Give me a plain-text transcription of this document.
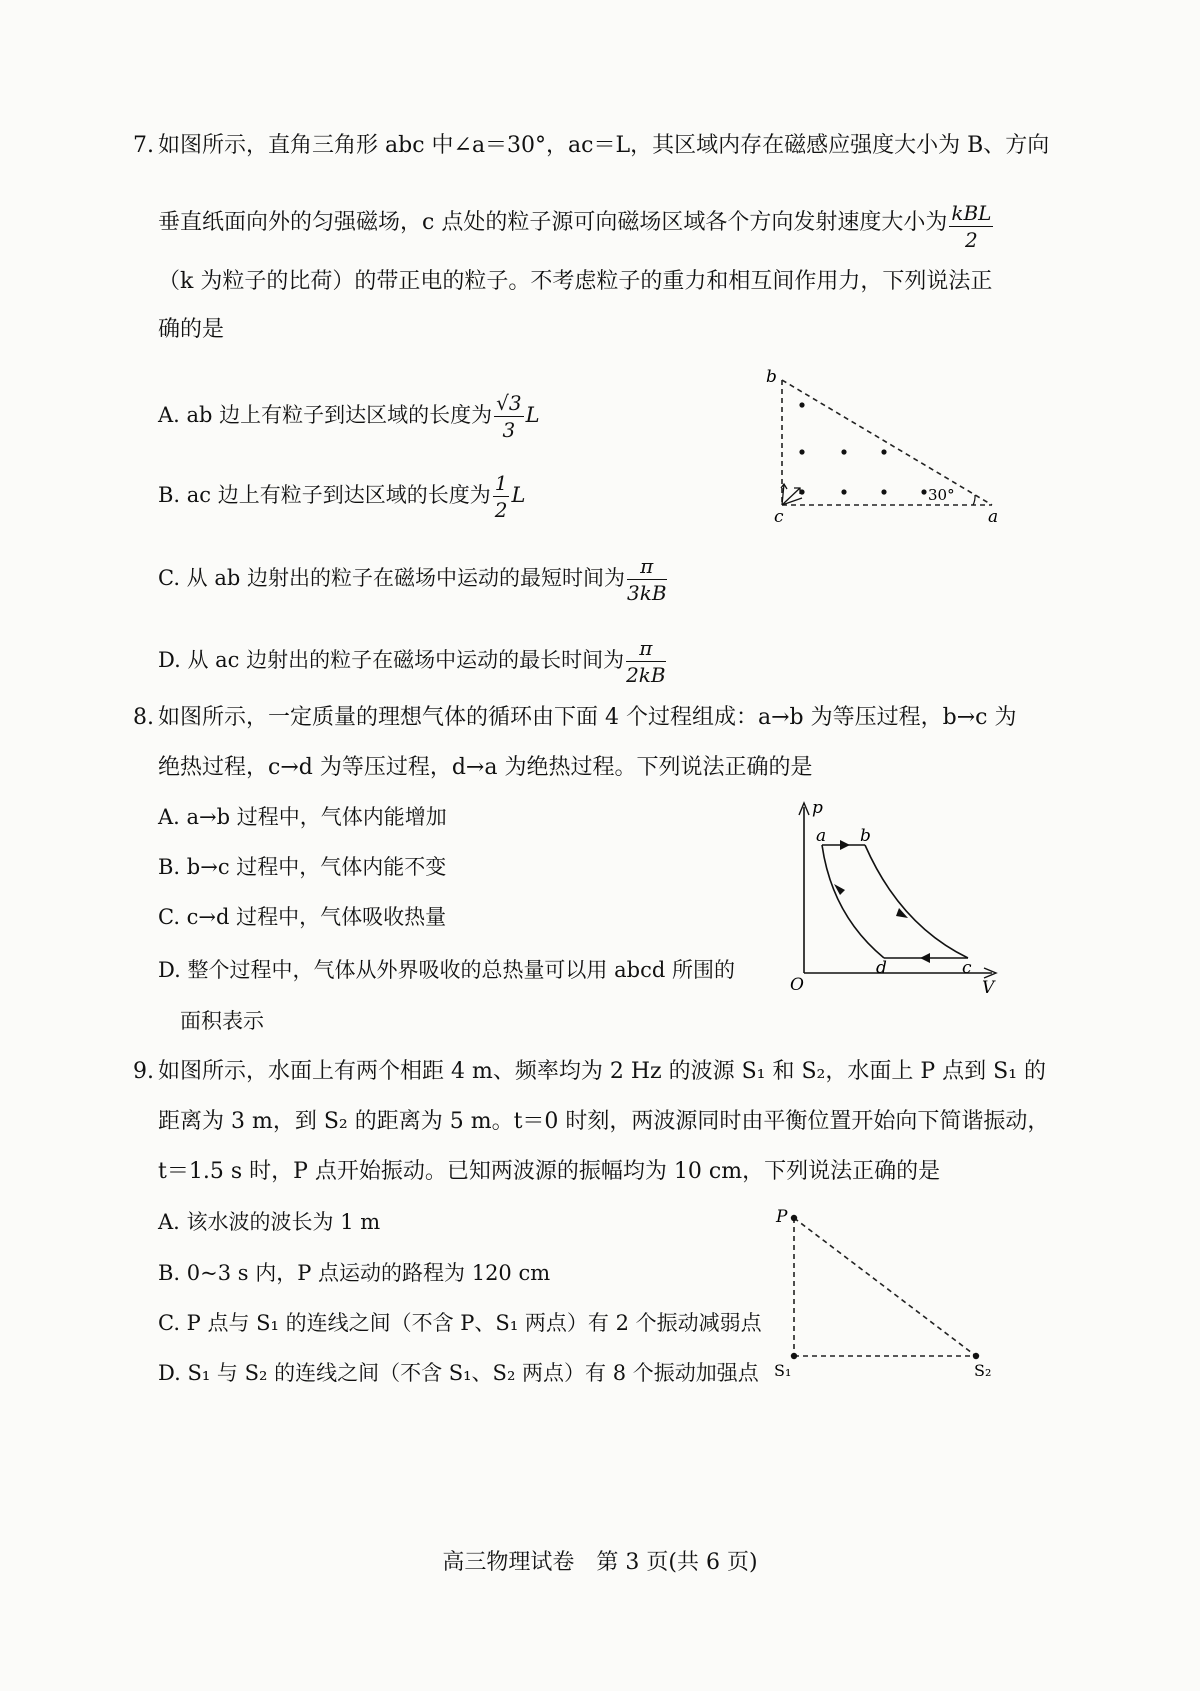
7. 如图所示，直角三角形 abc 中∠a＝30°，ac＝L，其区域内存在磁感应强度大小为 B、方向
垂直纸面向外的匀强磁场，c 点处的粒子源可向磁场区域各个方向发射速度大小为 $\frac{\text{kBL}}{2}$
（k 为粒子的比荷）的带正电的粒子。不考虑粒子的重力和相互间作用力，下列说法正
确的是
A. ab 边上有粒子到达区域的长度为 $\frac{√3}{3}$ L
B. ac 边上有粒子到达区域的长度为 $\frac{1}{2}$ L
C. 从 ab 边射出的粒子在磁场中运动的最短时间为 $\frac{\pi}{3kB}$
D. 从 ac 边射出的粒子在磁场中运动的最长时间为 $\frac{\pi}{2kB}$
b
c	a
30°
8. 如图所示，一定质量的理想气体的循环由下面 4 个过程组成：a→b 为等压过程，b→c 为
绝热过程，c→d 为等压过程，d→a 为绝热过程。下列说法正确的是
A. a→b 过程中，气体内能增加
B. b→c 过程中，气体内能不变
C. c→d 过程中，气体吸收热量
D. 整个过程中，气体从外界吸收的总热量可以用 abcd 所围的
面积表示
p
V
O
a b
c
d
9. 如图所示，水面上有两个相距 4 m、频率均为 2 Hz 的波源 S₁ 和 S₂，水面上 P 点到 S₁ 的
距离为 3 m，到 S₂ 的距离为 5 m。t＝0 时刻，两波源同时由平衡位置开始向下简谐振动，
t＝1.5 s 时，P 点开始振动。已知两波源的振幅均为 10 cm，下列说法正确的是
A. 该水波的波长为 1 m
B. 0~3 s 内，P 点运动的路程为 120 cm
C. P 点与 S₁ 的连线之间（不含 P、S₁ 两点）有 2 个振动减弱点
D. S₁ 与 S₂ 的连线之间（不含 S₁、S₂ 两点）有 8 个振动加强点
P
S₁	S₂
高三物理试卷　第 3 页(共 6 页)
